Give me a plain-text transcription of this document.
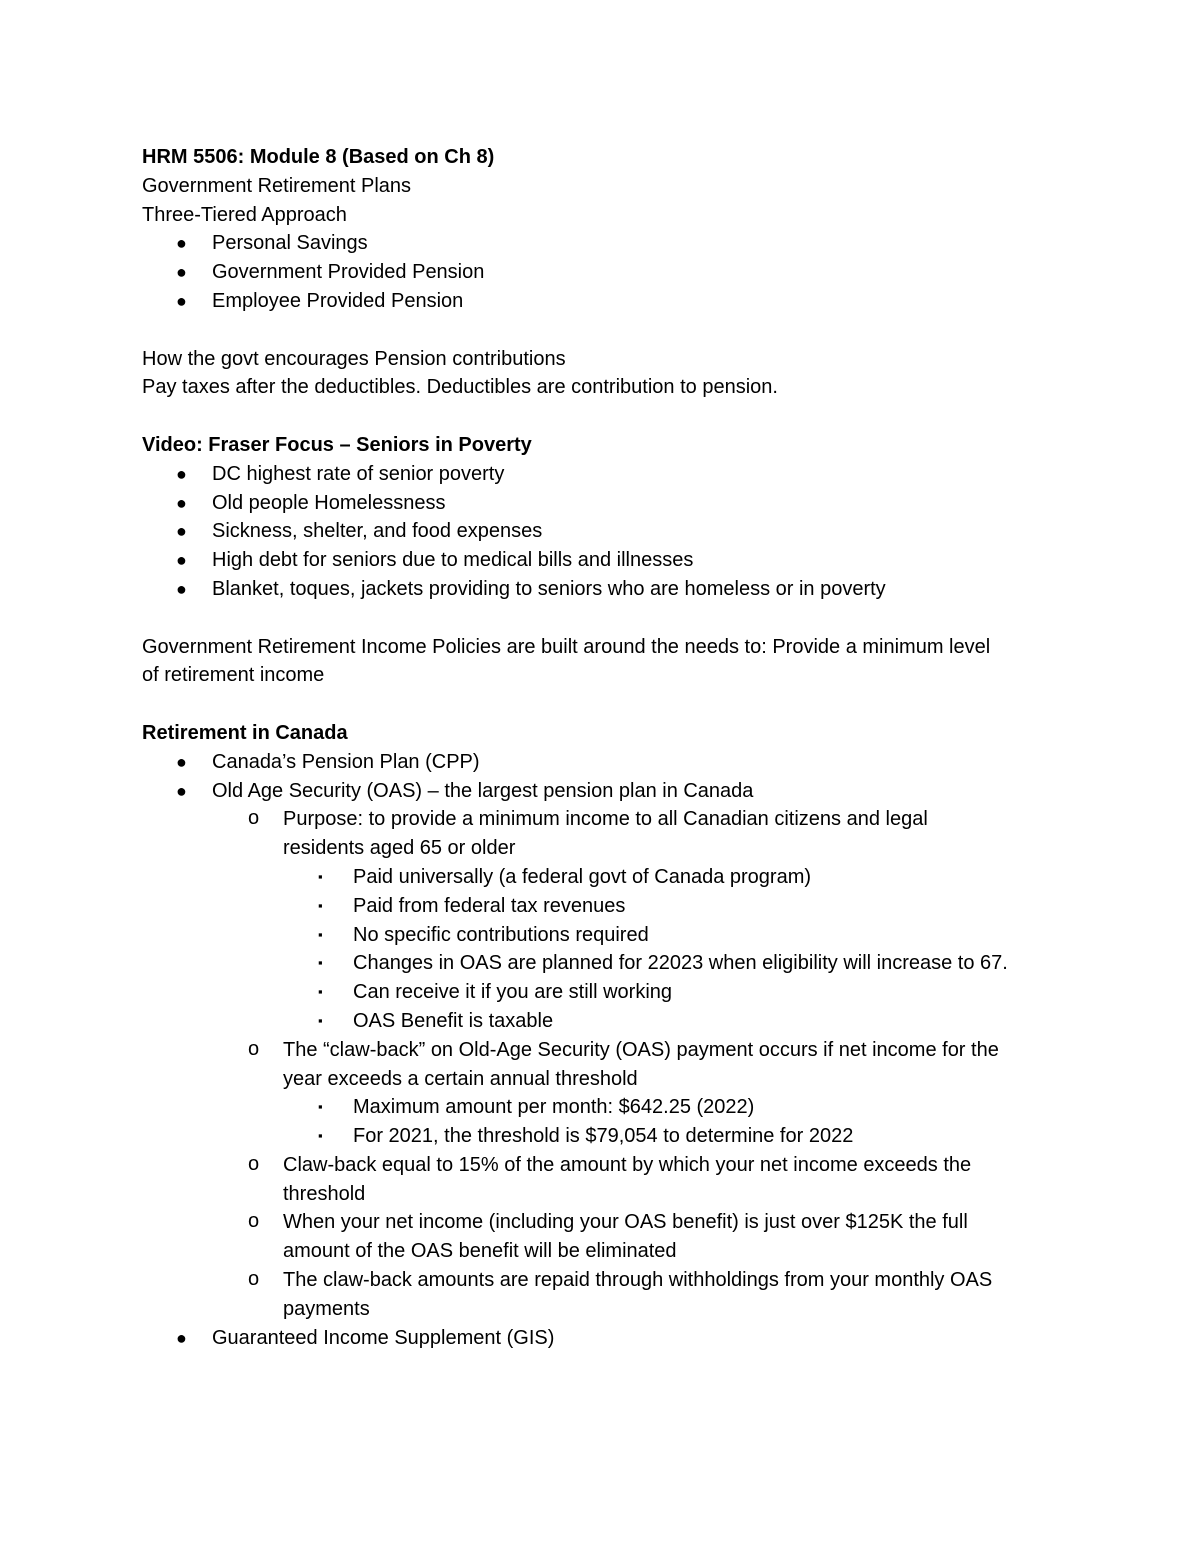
HRM 5506: Module 8 (Based on Ch 8)
Government Retirement Plans
Three-Tiered Approach
● Personal Savings
● Government Provided Pension
● Employee Provided Pension
How the govt encourages Pension contributions
Pay taxes after the deductibles. Deductibles are contribution to pension.
Video: Fraser Focus – Seniors in Poverty
● DC highest rate of senior poverty
● Old people Homelessness
● Sickness, shelter, and food expenses
● High debt for seniors due to medical bills and illnesses
● Blanket, toques, jackets providing to seniors who are homeless or in poverty
Government Retirement Income Policies are built around the needs to: Provide a minimum level
of retirement income
Retirement in Canada
● Canada’s Pension Plan (CPP)
● Old Age Security (OAS) – the largest pension plan in Canada
o Purpose: to provide a minimum income to all Canadian citizens and legal
residents aged 65 or older
▪ Paid universally (a federal govt of Canada program)
▪ Paid from federal tax revenues
▪ No specific contributions required
▪ Changes in OAS are planned for 22023 when eligibility will increase to 67.
▪ Can receive it if you are still working
▪ OAS Benefit is taxable
o The “claw-back” on Old-Age Security (OAS) payment occurs if net income for the
year exceeds a certain annual threshold
▪ Maximum amount per month: $642.25 (2022)
▪ For 2021, the threshold is $79,054 to determine for 2022
o Claw-back equal to 15% of the amount by which your net income exceeds the
threshold
o When your net income (including your OAS benefit) is just over $125K the full
amount of the OAS benefit will be eliminated
o The claw-back amounts are repaid through withholdings from your monthly OAS
payments
● Guaranteed Income Supplement (GIS)
